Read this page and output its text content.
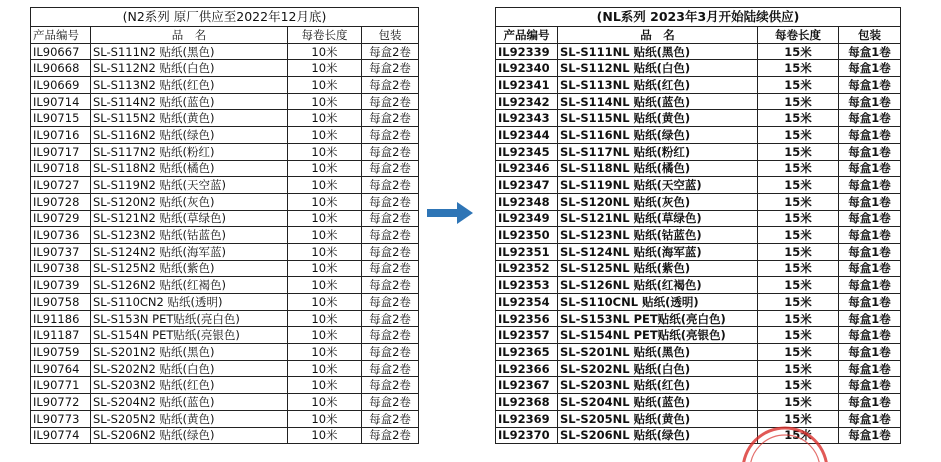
(N2系列 原厂供应至2022年12月底)			
产品编号	品　名	每卷长度	包装
IL90667	SL-S111N2 贴纸(黑色)	10米	每盒2卷
IL90668	SL-S112N2 贴纸(白色)	10米	每盒2卷
IL90669	SL-S113N2 贴纸(红色)	10米	每盒2卷
IL90714	SL-S114N2 贴纸(蓝色)	10米	每盒2卷
IL90715	SL-S115N2 贴纸(黄色)	10米	每盒2卷
IL90716	SL-S116N2 贴纸(绿色)	10米	每盒2卷
IL90717	SL-S117N2 贴纸(粉红)	10米	每盒2卷
IL90718	SL-S118N2 贴纸(橘色)	10米	每盒2卷
IL90727	SL-S119N2 贴纸(天空蓝)	10米	每盒2卷
IL90728	SL-S120N2 贴纸(灰色)	10米	每盒2卷
IL90729	SL-S121N2 贴纸(草绿色)	10米	每盒2卷
IL90736	SL-S123N2 贴纸(钴蓝色)	10米	每盒2卷
IL90737	SL-S124N2 贴纸(海军蓝)	10米	每盒2卷
IL90738	SL-S125N2 贴纸(紫色)	10米	每盒2卷
IL90739	SL-S126N2 贴纸(红褐色)	10米	每盒2卷
IL90758	SL-S110CN2 贴纸(透明)	10米	每盒2卷
IL91186	SL-S153N PET贴纸(亮白色)	10米	每盒2卷
IL91187	SL-S154N PET贴纸(亮银色)	10米	每盒2卷
IL90759	SL-S201N2 贴纸(黑色)	10米	每盒2卷
IL90764	SL-S202N2 贴纸(白色)	10米	每盒2卷
IL90771	SL-S203N2 贴纸(红色)	10米	每盒2卷
IL90772	SL-S204N2 贴纸(蓝色)	10米	每盒2卷
IL90773	SL-S205N2 贴纸(黄色)	10米	每盒2卷
IL90774	SL-S206N2 贴纸(绿色)	10米	每盒2卷
(NL系列 2023年3月开始陆续供应)			
产品编号	品　名	每卷长度	包装
IL92339	SL-S111NL 贴纸(黑色)	15米	每盒1卷
IL92340	SL-S112NL 贴纸(白色)	15米	每盒1卷
IL92341	SL-S113NL 贴纸(红色)	15米	每盒1卷
IL92342	SL-S114NL 贴纸(蓝色)	15米	每盒1卷
IL92343	SL-S115NL 贴纸(黄色)	15米	每盒1卷
IL92344	SL-S116NL 贴纸(绿色)	15米	每盒1卷
IL92345	SL-S117NL 贴纸(粉红)	15米	每盒1卷
IL92346	SL-S118NL 贴纸(橘色)	15米	每盒1卷
IL92347	SL-S119NL 贴纸(天空蓝)	15米	每盒1卷
IL92348	SL-S120NL 贴纸(灰色)	15米	每盒1卷
IL92349	SL-S121NL 贴纸(草绿色)	15米	每盒1卷
IL92350	SL-S123NL 贴纸(钴蓝色)	15米	每盒1卷
IL92351	SL-S124NL 贴纸(海军蓝)	15米	每盒1卷
IL92352	SL-S125NL 贴纸(紫色)	15米	每盒1卷
IL92353	SL-S126NL 贴纸(红褐色)	15米	每盒1卷
IL92354	SL-S110CNL 贴纸(透明)	15米	每盒1卷
IL92356	SL-S153NL PET贴纸(亮白色)	15米	每盒1卷
IL92357	SL-S154NL PET贴纸(亮银色)	15米	每盒1卷
IL92365	SL-S201NL 贴纸(黑色)	15米	每盒1卷
IL92366	SL-S202NL 贴纸(白色)	15米	每盒1卷
IL92367	SL-S203NL 贴纸(红色)	15米	每盒1卷
IL92368	SL-S204NL 贴纸(蓝色)	15米	每盒1卷
IL92369	SL-S205NL 贴纸(黄色)	15米	每盒1卷
IL92370	SL-S206NL 贴纸(绿色)	15米	每盒1卷
